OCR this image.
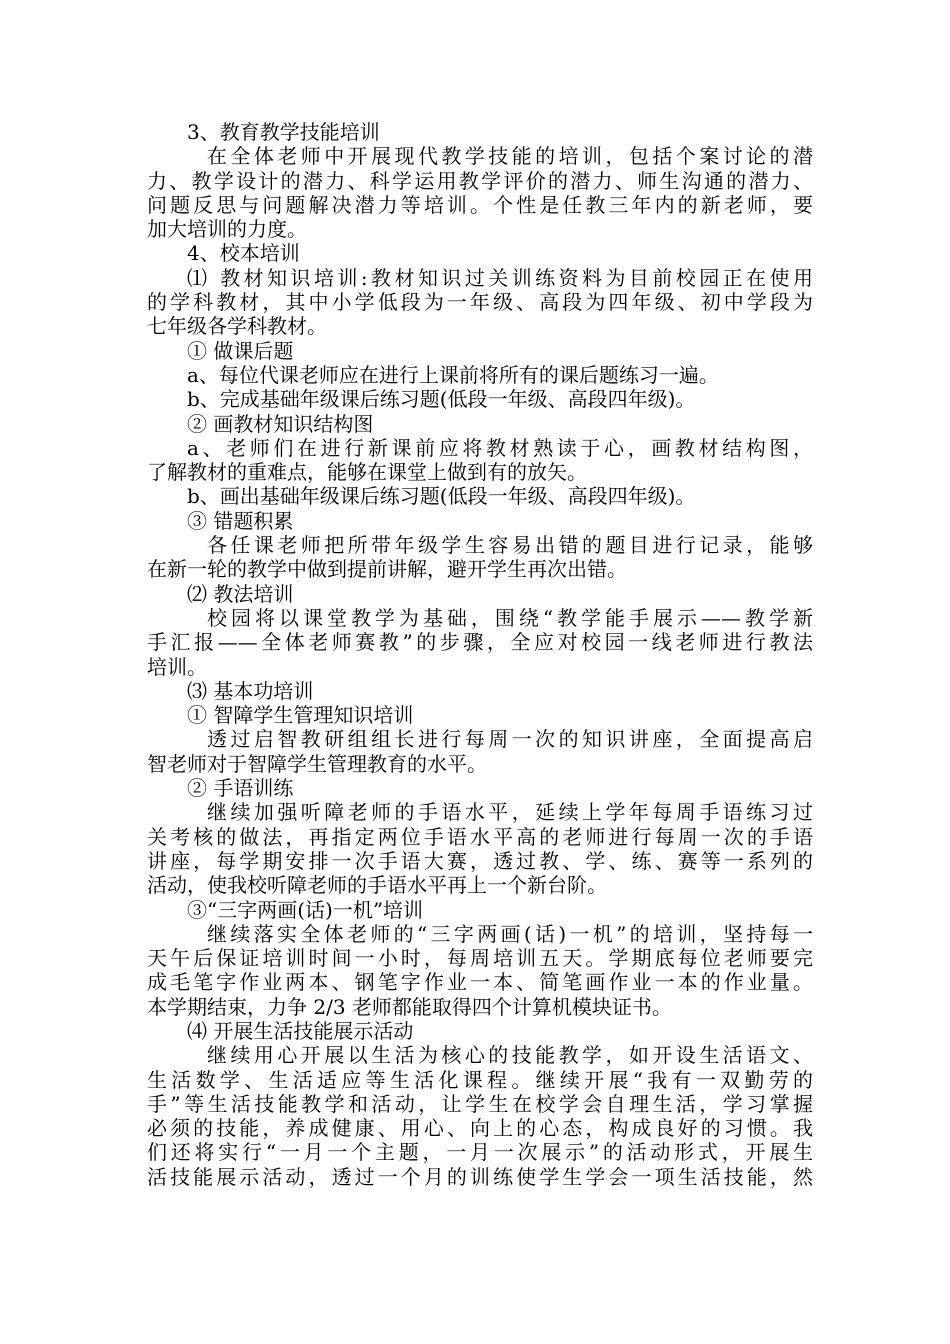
3、教育教学技能培训
在全体老师中开展现代教学技能的培训，包括个案讨论的潜
力、教学设计的潜力、科学运用教学评价的潜力、师生沟通的潜力、
问题反思与问题解决潜力等培训。个性是任教三年内的新老师，要
加大培训的力度。
4、校本培训
⑴ 教材知识培训:教材知识过关训练资料为目前校园正在使用
的学科教材，其中小学低段为一年级、高段为四年级、初中学段为
七年级各学科教材。
① 做课后题
a、每位代课老师应在进行上课前将所有的课后题练习一遍。
b、完成基础年级课后练习题(低段一年级、高段四年级)。
② 画教材知识结构图
a、老师们在进行新课前应将教材熟读于心，画教材结构图，
了解教材的重难点，能够在课堂上做到有的放矢。
b、画出基础年级课后练习题(低段一年级、高段四年级)。
③ 错题积累
各任课老师把所带年级学生容易出错的题目进行记录，能够
在新一轮的教学中做到提前讲解，避开学生再次出错。
⑵ 教法培训
校园将以课堂教学为基础，围绕“教学能手展示——教学新
手汇报——全体老师赛教”的步骤，全应对校园一线老师进行教法
培训。
⑶ 基本功培训
① 智障学生管理知识培训
透过启智教研组组长进行每周一次的知识讲座，全面提高启
智老师对于智障学生管理教育的水平。
② 手语训练
继续加强听障老师的手语水平，延续上学年每周手语练习过
关考核的做法，再指定两位手语水平高的老师进行每周一次的手语
讲座，每学期安排一次手语大赛，透过教、学、练、赛等一系列的
活动，使我校听障老师的手语水平再上一个新台阶。
③“三字两画(话)一机”培训
继续落实全体老师的“三字两画(话)一机”的培训，坚持每一
天午后保证培训时间一小时，每周培训五天。学期底每位老师要完
成毛笔字作业两本、钢笔字作业一本、简笔画作业一本的作业量。
本学期结束，力争 2/3 老师都能取得四个计算机模块证书。
⑷ 开展生活技能展示活动
继续用心开展以生活为核心的技能教学，如开设生活语文、
生活数学、生活适应等生活化课程。继续开展“我有一双勤劳的
手”等生活技能教学和活动，让学生在校学会自理生活，学习掌握
必须的技能，养成健康、用心、向上的心态，构成良好的习惯。我
们还将实行“一月一个主题，一月一次展示”的活动形式，开展生
活技能展示活动，透过一个月的训练使学生学会一项生活技能，然
